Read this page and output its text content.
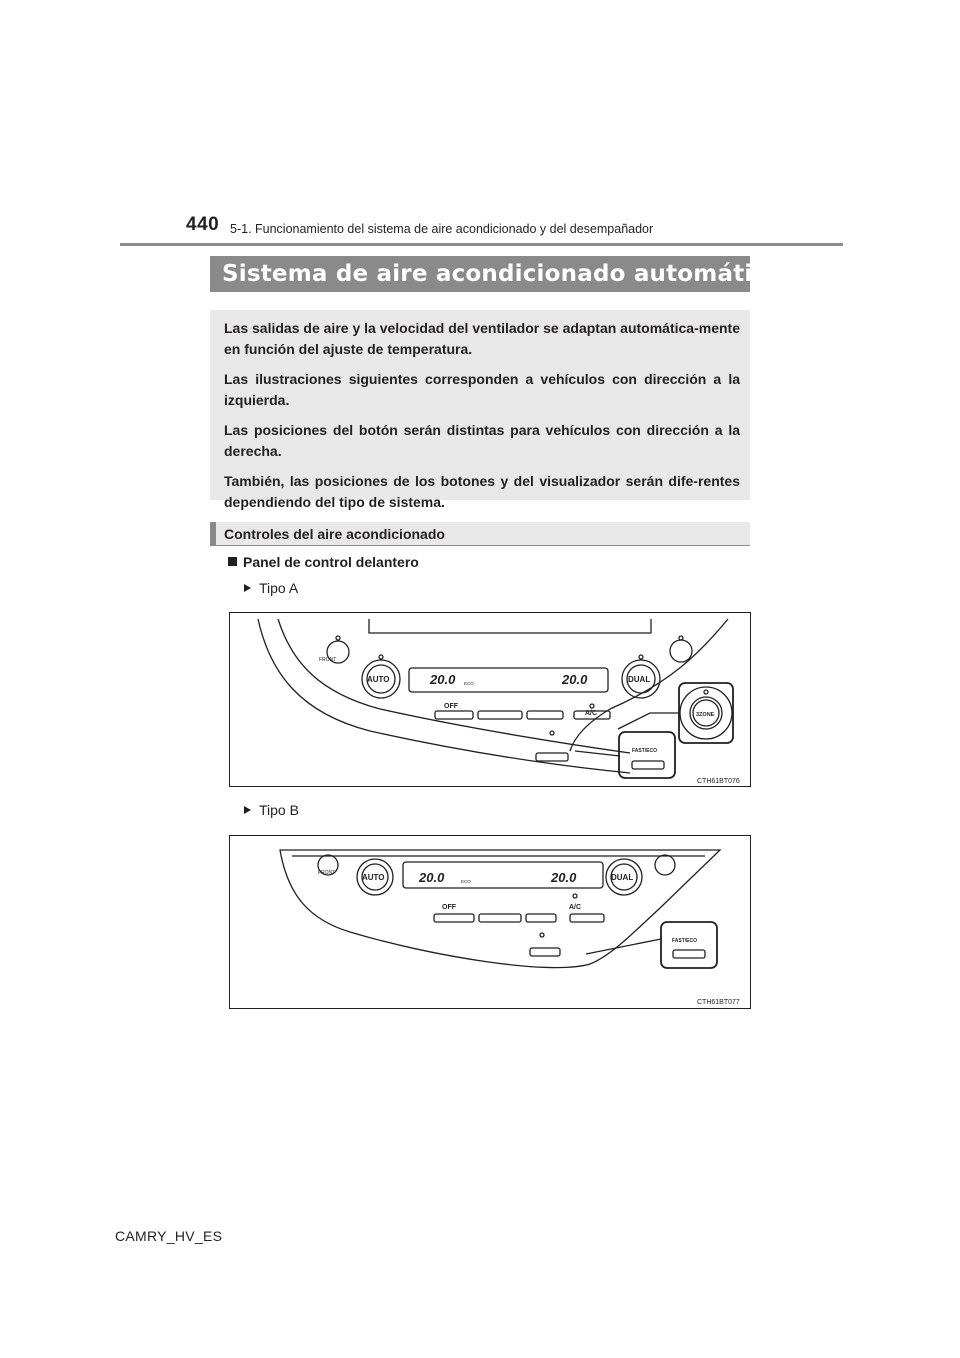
440 5-1. Funcionamiento del sistema de aire acondicionado y del desempañador
Sistema de aire acondicionado automático

Las salidas de aire y la velocidad del ventilador se adaptan automática-mente en función del ajuste de temperatura.

Las ilustraciones siguientes corresponden a vehículos con dirección a la izquierda.

Las posiciones del botón serán distintas para vehículos con dirección a la derecha.

También, las posiciones de los botones y del visualizador serán dife-rentes dependiendo del tipo de sistema.

Controles del aire acondicionado
Panel de control delantero
Tipo A
FRONT
AUTO	DUAL
20.0	20.0
ECO
OFF
A/C	3ZONE
FAST/ECO
CTH61BT076
Tipo B
FRONT	AUTO	DUAL
20.0	20.0
ECO
OFF	A/C
FAST/ECO
CTH61BT077
CAMRY_HV_ES
